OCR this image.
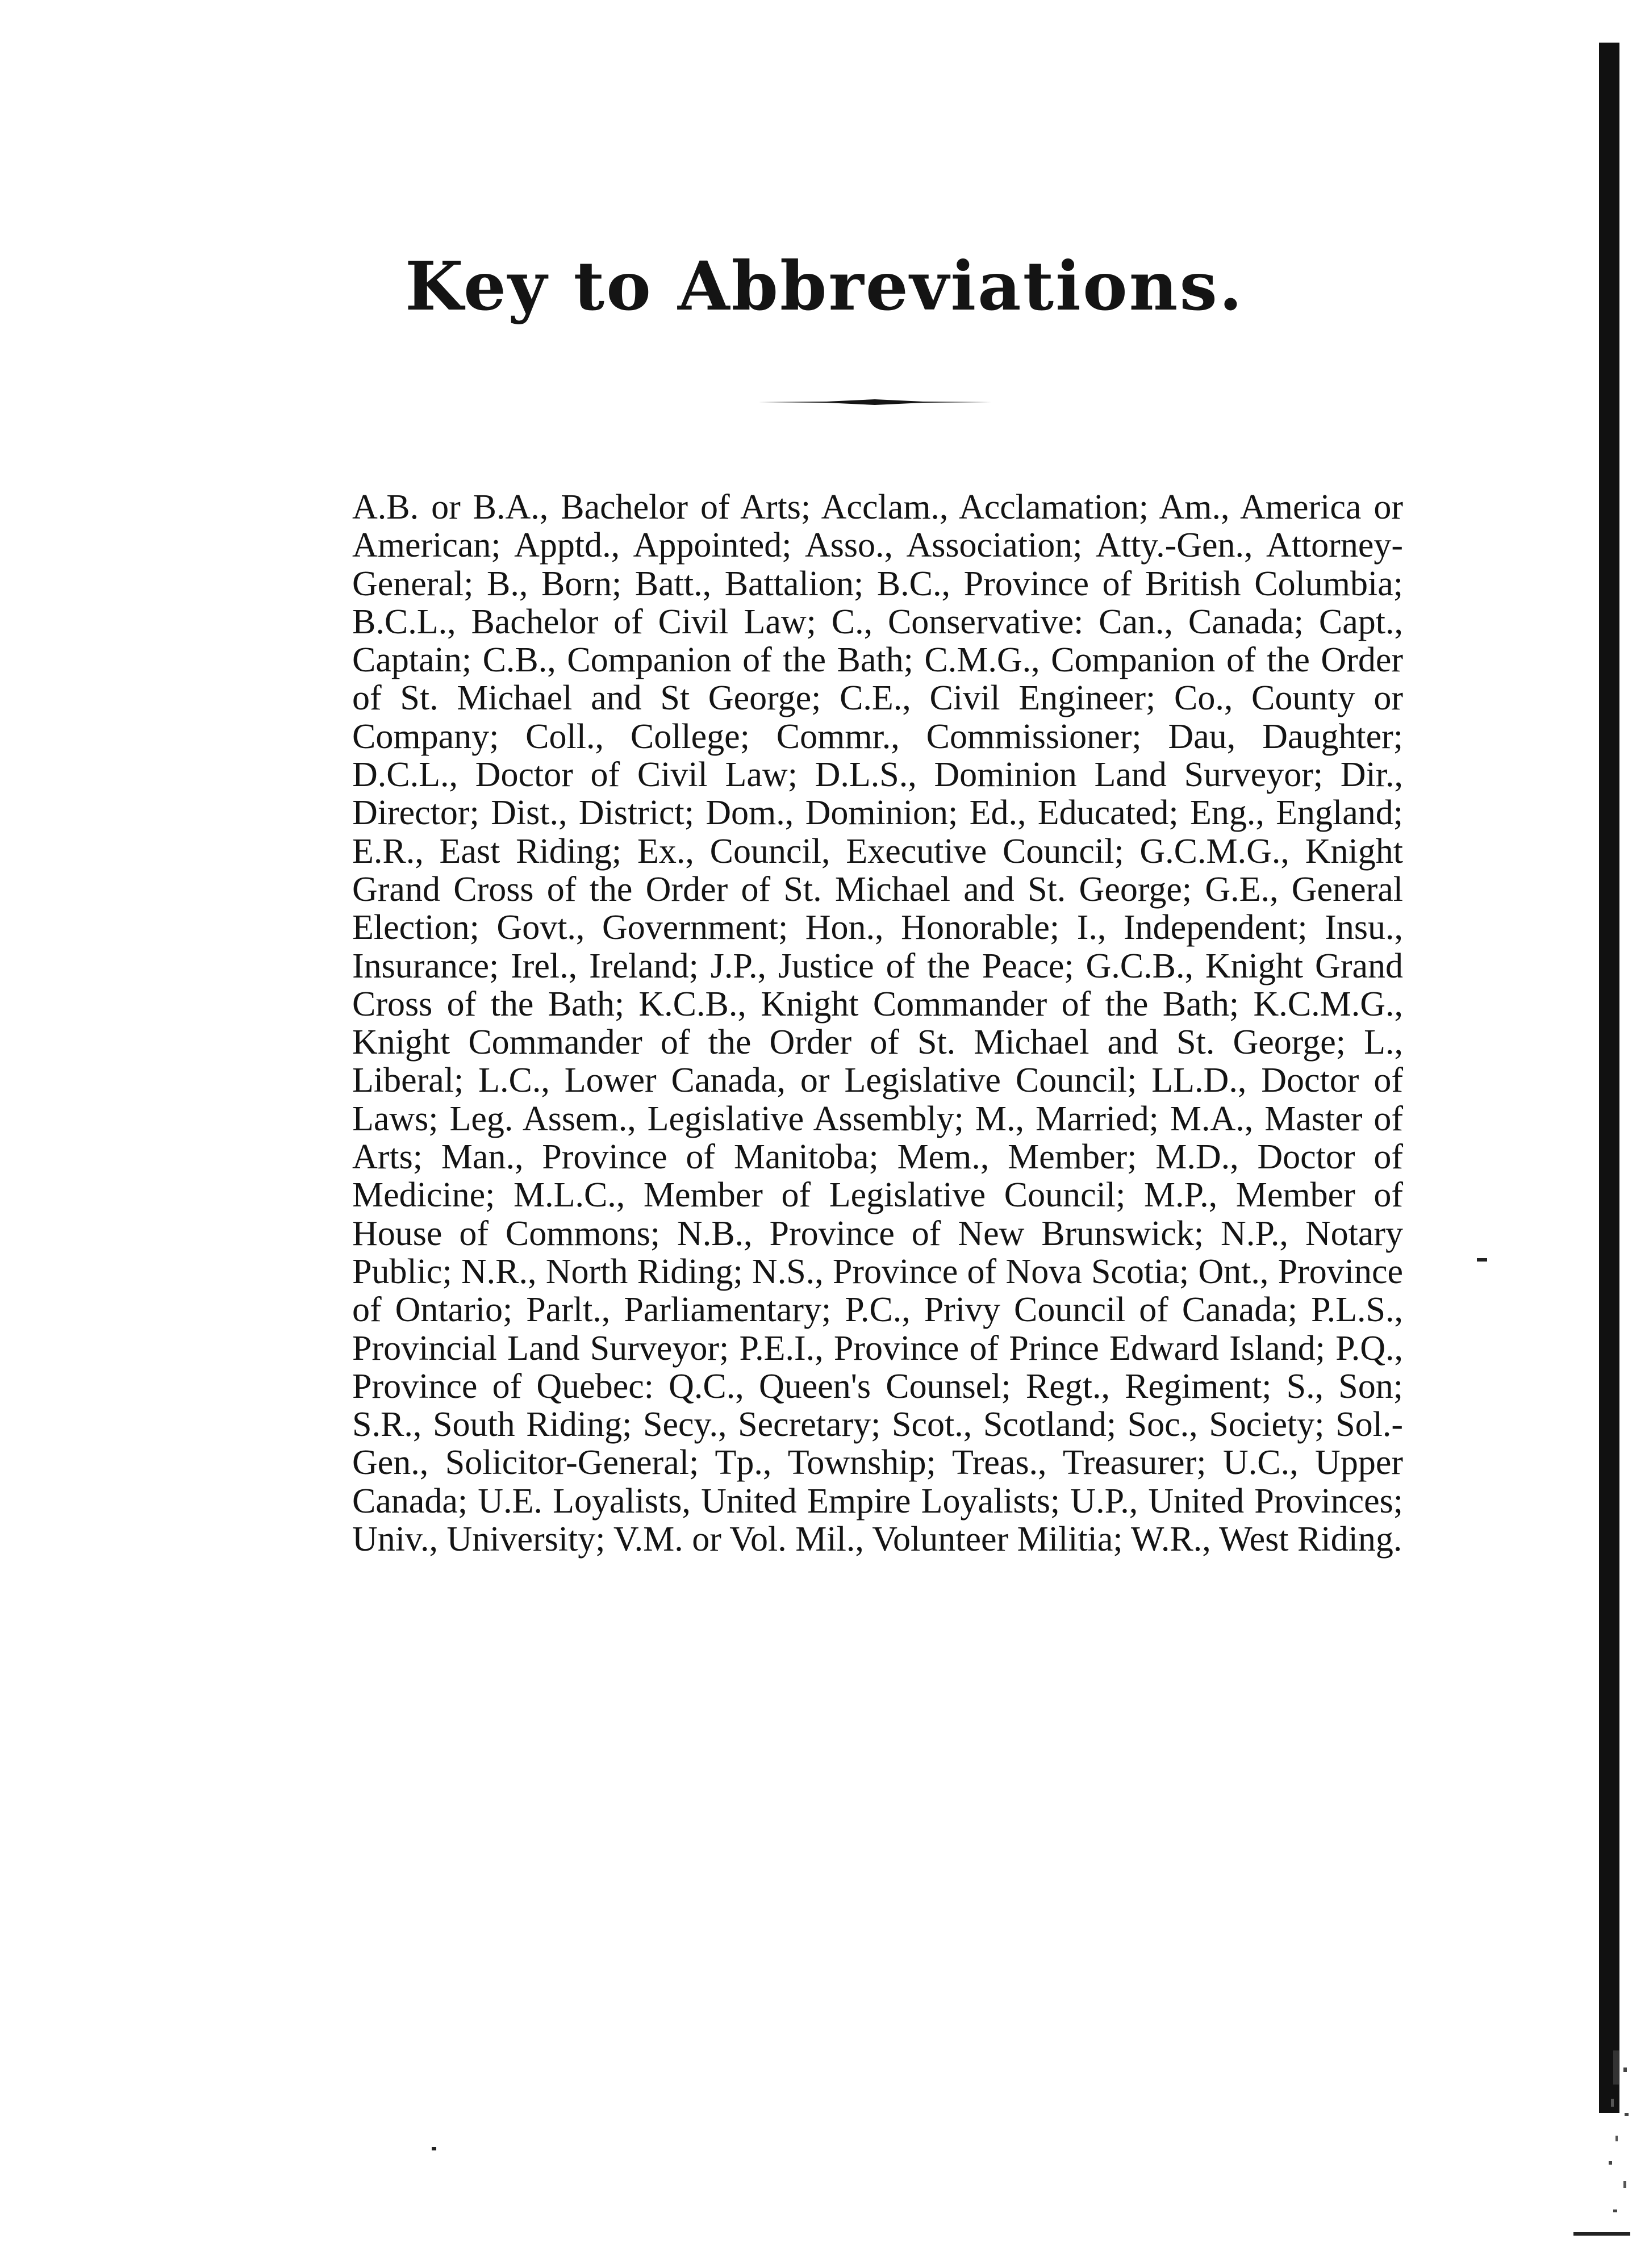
Key to Abbreviations.

A.B. or B.A., Bachelor of Arts; Acclam., Acclamation; Am., America or American; Apptd., Appointed; Asso., Association; Atty.-Gen., Attorney-General; B., Born; Batt., Battalion; B.C., Province of British Columbia; B.C.L., Bachelor of Civil Law; C., Conservative: Can., Canada; Capt., Captain; C.B., Companion of the Bath; C.M.G., Companion of the Order of St. Michael and St George; C.E., Civil Engineer; Co., County or Company; Coll., College; Commr., Commissioner; Dau, Daughter; D.C.L., Doctor of Civil Law; D.L.S., Dominion Land Surveyor; Dir., Director; Dist., District; Dom., Dominion; Ed., Educated; Eng., England; E.R., East Riding; Ex., Council, Executive Council; G.C.M.G., Knight Grand Cross of the Order of St. Michael and St. George; G.E., General Election; Govt., Government; Hon., Honorable; I., Independent; Insu., Insurance; Irel., Ireland; J.P., Justice of the Peace; G.C.B., Knight Grand Cross of the Bath; K.C.B., Knight Commander of the Bath; K.C.M.G., Knight Commander of the Order of St. Michael and St. George; L., Liberal; L.C., Lower Canada, or Legislative Council; LL.D., Doctor of Laws; Leg. Assem., Legislative Assembly; M., Married; M.A., Master of Arts; Man., Province of Manitoba; Mem., Member; M.D., Doctor of Medicine; M.L.C., Member of Legislative Council; M.P., Member of House of Commons; N.B., Province of New Brunswick; N.P., Notary Public; N.R., North Riding; N.S., Province of Nova Scotia; Ont., Province of Ontario; Parlt., Parliamentary; P.C., Privy Council of Canada; P.L.S., Provincial Land Surveyor; P.E.I., Province of Prince Edward Island; P.Q., Province of Quebec: Q.C., Queen's Counsel; Regt., Regiment; S., Son; S.R., South Riding; Secy., Secretary; Scot., Scotland; Soc., Society; Sol.-Gen., Solicitor-General; Tp., Township; Treas., Treasurer; U.C., Upper Canada; U.E. Loyalists, United Empire Loyalists; U.P., United Provinces; Univ., University; V.M. or Vol. Mil., Volunteer Militia; W.R., West Riding.
